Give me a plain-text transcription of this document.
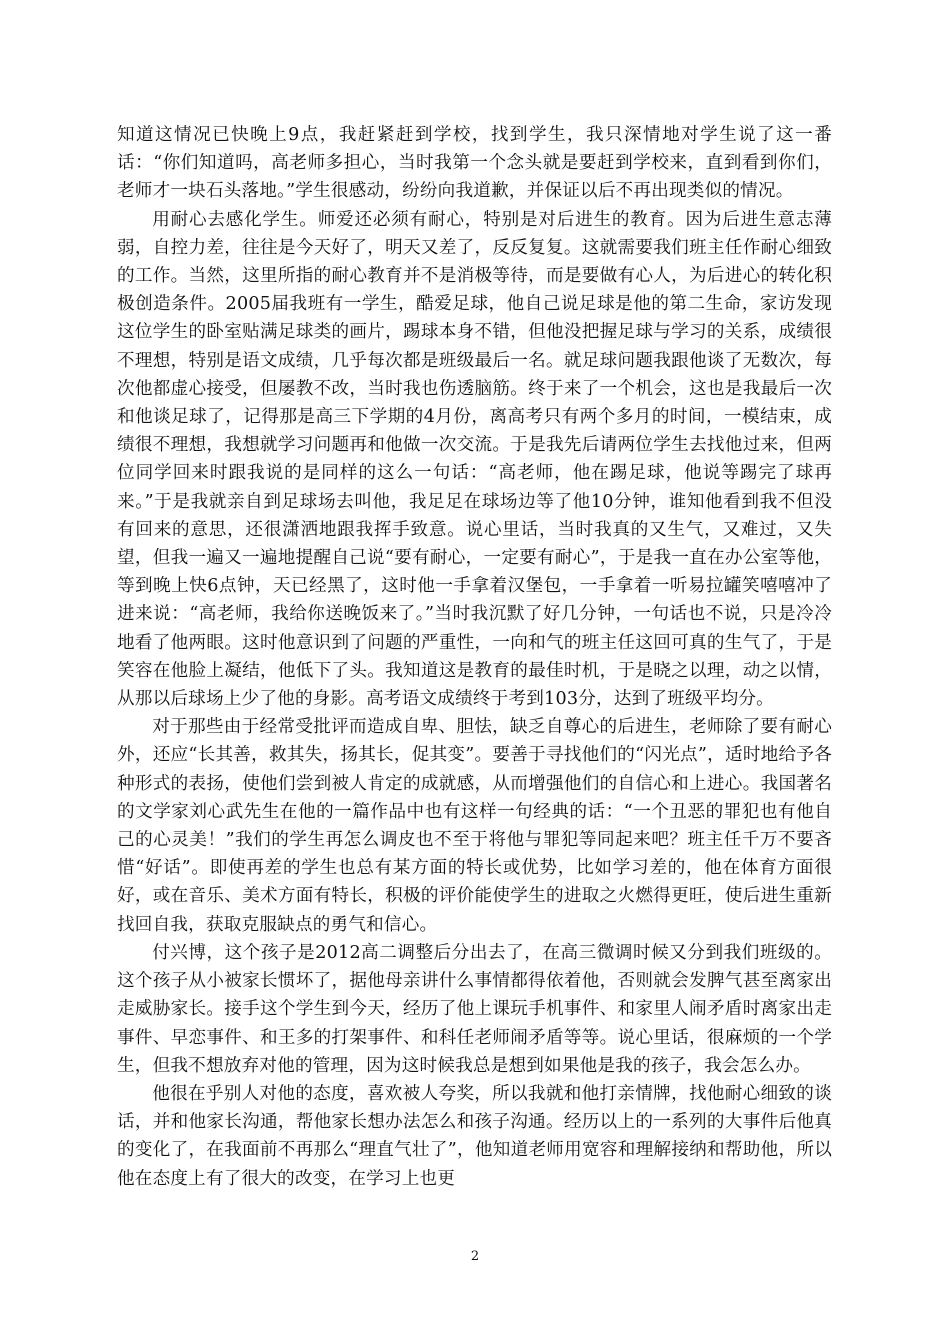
知道这情况已快晚上9点，我赶紧赶到学校，找到学生，我只深情地对学生说了这一番话：“你们知道吗，高老师多担心，当时我第一个念头就是要赶到学校来，直到看到你们，老师才一块石头落地。”学生很感动，纷纷向我道歉，并保证以后不再出现类似的情况。

用耐心去感化学生。师爱还必须有耐心，特别是对后进生的教育。因为后进生意志薄弱，自控力差，往往是今天好了，明天又差了，反反复复。这就需要我们班主任作耐心细致的工作。当然，这里所指的耐心教育并不是消极等待，而是要做有心人，为后进心的转化积极创造条件。2005届我班有一学生，酷爱足球，他自己说足球是他的第二生命，家访发现这位学生的卧室贴满足球类的画片，踢球本身不错，但他没把握足球与学习的关系，成绩很不理想，特别是语文成绩，几乎每次都是班级最后一名。就足球问题我跟他谈了无数次，每次他都虚心接受，但屡教不改，当时我也伤透脑筋。终于来了一个机会，这也是我最后一次和他谈足球了，记得那是高三下学期的4月份，离高考只有两个多月的时间，一模结束，成绩很不理想，我想就学习问题再和他做一次交流。于是我先后请两位学生去找他过来，但两位同学回来时跟我说的是同样的这么一句话：“高老师，他在踢足球，他说等踢完了球再来。”于是我就亲自到足球场去叫他，我足足在球场边等了他10分钟，谁知他看到我不但没有回来的意思，还很潇洒地跟我挥手致意。说心里话，当时我真的又生气，又难过，又失望，但我一遍又一遍地提醒自己说“要有耐心，一定要有耐心”，于是我一直在办公室等他，等到晚上快6点钟，天已经黑了，这时他一手拿着汉堡包，一手拿着一听易拉罐笑嘻嘻冲了进来说：“高老师，我给你送晚饭来了。”当时我沉默了好几分钟，一句话也不说，只是冷冷地看了他两眼。这时他意识到了问题的严重性，一向和气的班主任这回可真的生气了，于是笑容在他脸上凝结，他低下了头。我知道这是教育的最佳时机，于是晓之以理，动之以情，从那以后球场上少了他的身影。高考语文成绩终于考到103分，达到了班级平均分。

对于那些由于经常受批评而造成自卑、胆怯，缺乏自尊心的后进生，老师除了要有耐心外，还应“长其善，救其失，扬其长，促其变”。要善于寻找他们的“闪光点”，适时地给予各种形式的表扬，使他们尝到被人肯定的成就感，从而增强他们的自信心和上进心。我国著名的文学家刘心武先生在他的一篇作品中也有这样一句经典的话：“一个丑恶的罪犯也有他自己的心灵美！”我们的学生再怎么调皮也不至于将他与罪犯等同起来吧？班主任千万不要吝惜“好话”。即使再差的学生也总有某方面的特长或优势，比如学习差的，他在体育方面很好，或在音乐、美术方面有特长，积极的评价能使学生的进取之火燃得更旺，使后进生重新找回自我，获取克服缺点的勇气和信心。

付兴博，这个孩子是2012高二调整后分出去了，在高三微调时候又分到我们班级的。这个孩子从小被家长惯坏了，据他母亲讲什么事情都得依着他，否则就会发脾气甚至离家出走威胁家长。接手这个学生到今天，经历了他上课玩手机事件、和家里人闹矛盾时离家出走事件、早恋事件、和王多的打架事件、和科任老师闹矛盾等等。说心里话，很麻烦的一个学生，但我不想放弃对他的管理，因为这时候我总是想到如果他是我的孩子，我会怎么办。

他很在乎别人对他的态度，喜欢被人夸奖，所以我就和他打亲情牌，找他耐心细致的谈话，并和他家长沟通，帮他家长想办法怎么和孩子沟通。经历以上的一系列的大事件后他真的变化了，在我面前不再那么“理直气壮了”，他知道老师用宽容和理解接纳和帮助他，所以他在态度上有了很大的改变，在学习上也更

2
